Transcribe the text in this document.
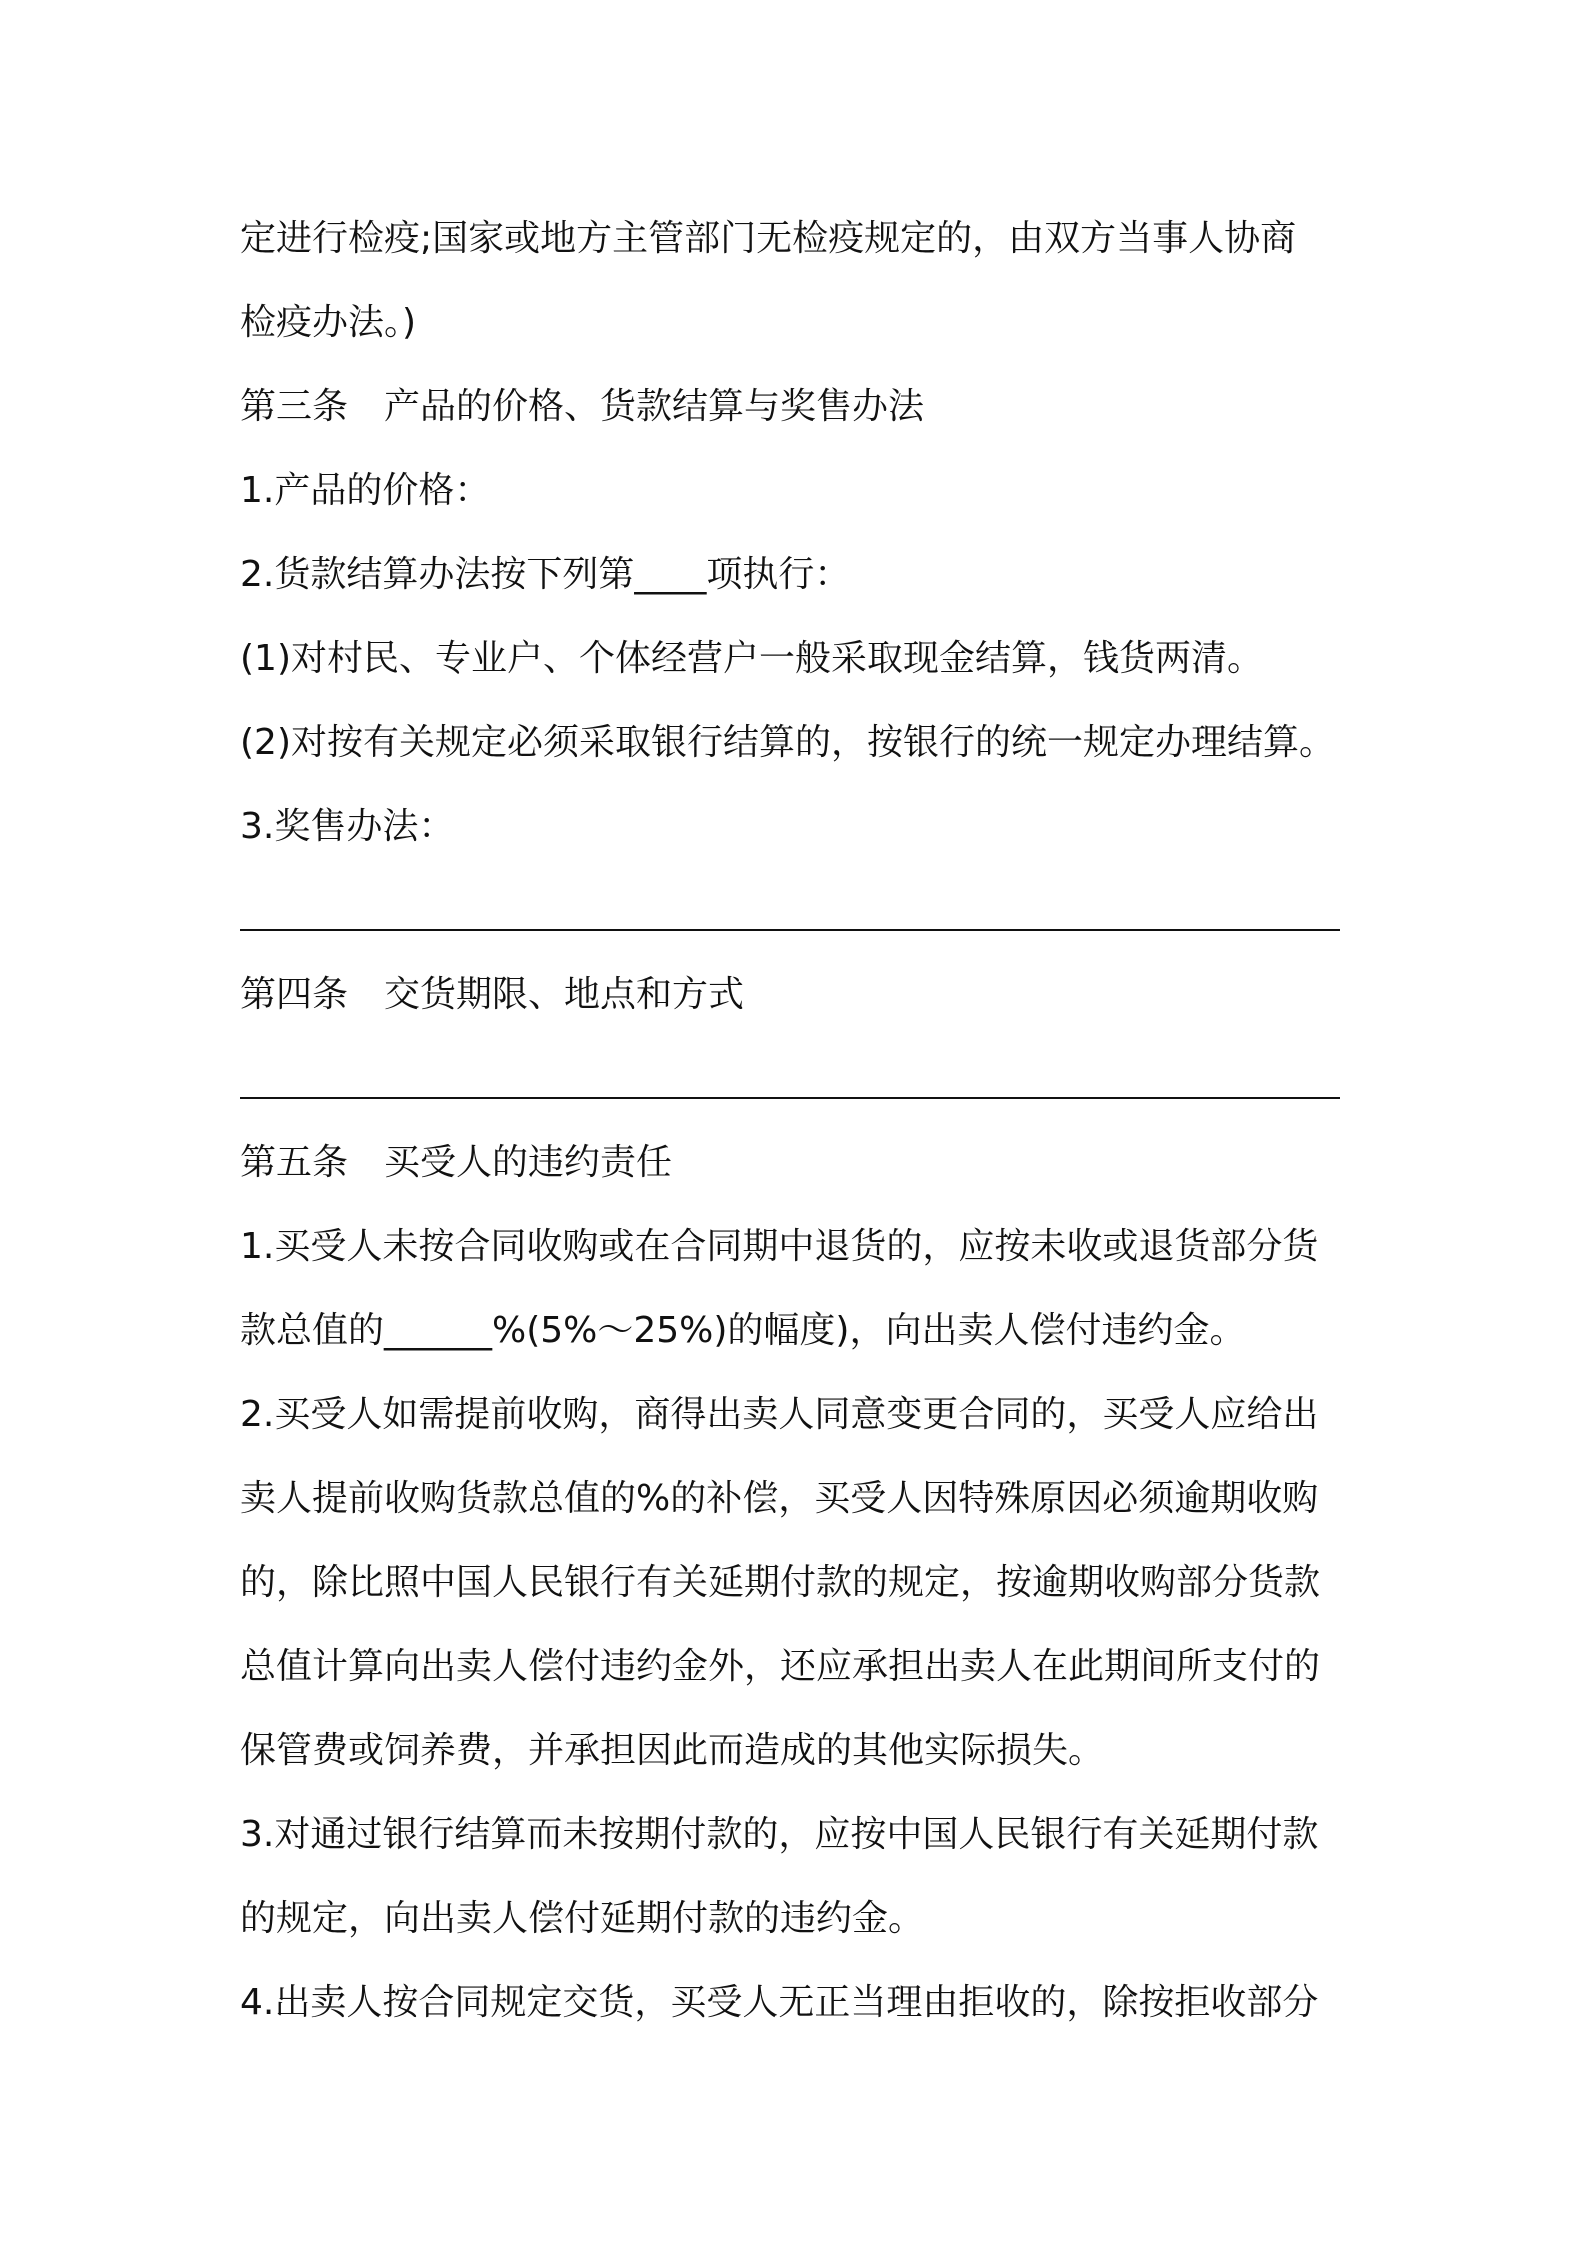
定进行检疫;国家或地方主管部门无检疫规定的，由双方当事人协商
检疫办法。)
第三条　产品的价格、货款结算与奖售办法
1.产品的价格：
2.货款结算办法按下列第____项执行：
(1)对村民、专业户、个体经营户一般采取现金结算，钱货两清。
(2)对按有关规定必须采取银行结算的，按银行的统一规定办理结算。
3.奖售办法：
第四条　交货期限、地点和方式
第五条　买受人的违约责任
1.买受人未按合同收购或在合同期中退货的，应按未收或退货部分货
款总值的______%(5%～25%)的幅度)，向出卖人偿付违约金。
2.买受人如需提前收购，商得出卖人同意变更合同的，买受人应给出
卖人提前收购货款总值的%的补偿，买受人因特殊原因必须逾期收购
的，除比照中国人民银行有关延期付款的规定，按逾期收购部分货款
总值计算向出卖人偿付违约金外，还应承担出卖人在此期间所支付的
保管费或饲养费，并承担因此而造成的其他实际损失。
3.对通过银行结算而未按期付款的，应按中国人民银行有关延期付款
的规定，向出卖人偿付延期付款的违约金。
4.出卖人按合同规定交货，买受人无正当理由拒收的，除按拒收部分
